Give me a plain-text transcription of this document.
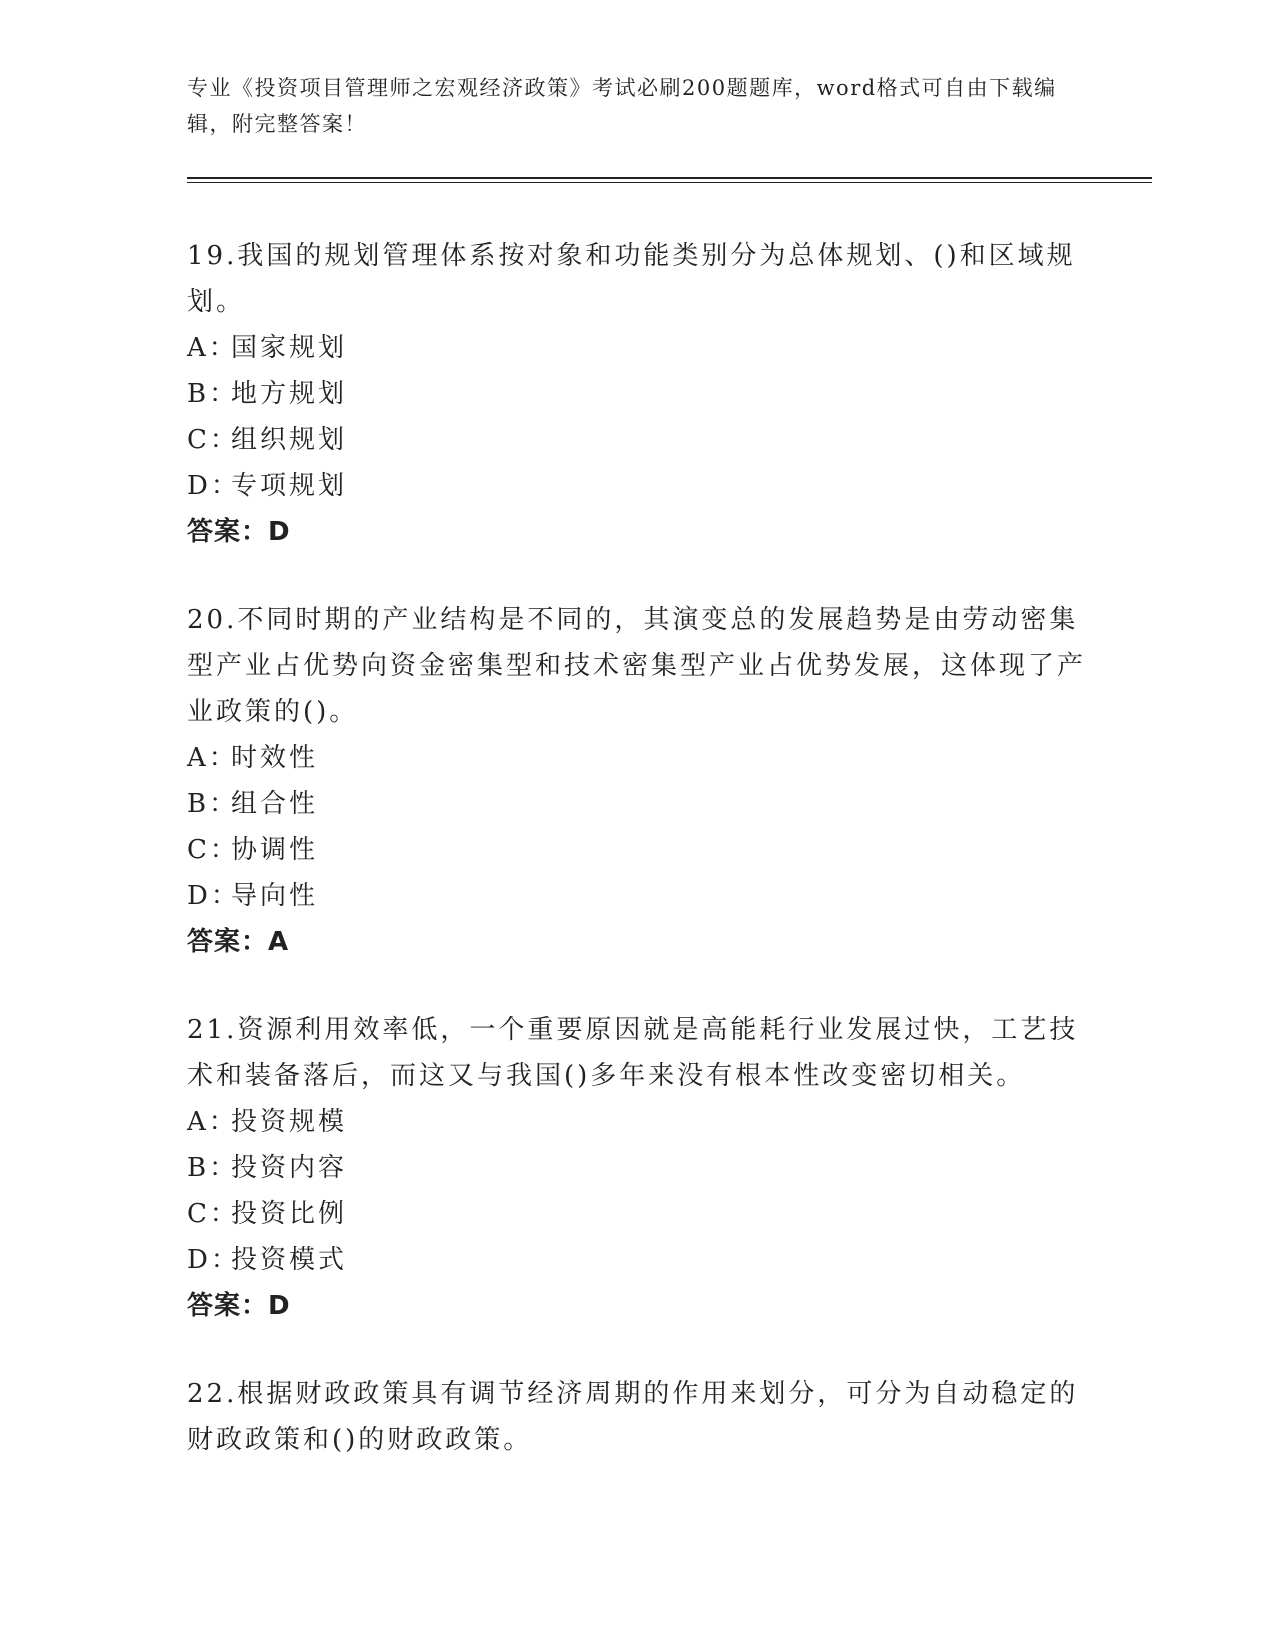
专业《投资项目管理师之宏观经济政策》考试必刷200题题库，word格式可自由下载编辑，附完整答案！
19.我国的规划管理体系按对象和功能类别分为总体规划、()和区域规划。
A：
国家规划
B：
地方规划
C：
组织规划
D：
专项规划
答案：D
20.不同时期的产业结构是不同的，其演变总的发展趋势是由劳动密集型产业占优势向资金密集型和技术密集型产业占优势发展，这体现了产业政策的()。
A：
时效性
B：
组合性
C：
协调性
D：
导向性
答案：A
21.资源利用效率低，一个重要原因就是高能耗行业发展过快，工艺技术和装备落后，而这又与我国()多年来没有根本性改变密切相关。
A：
投资规模
B：
投资内容
C：
投资比例
D：
投资模式
答案：D
22.根据财政政策具有调节经济周期的作用来划分，可分为自动稳定的财政政策和()的财政政策。
